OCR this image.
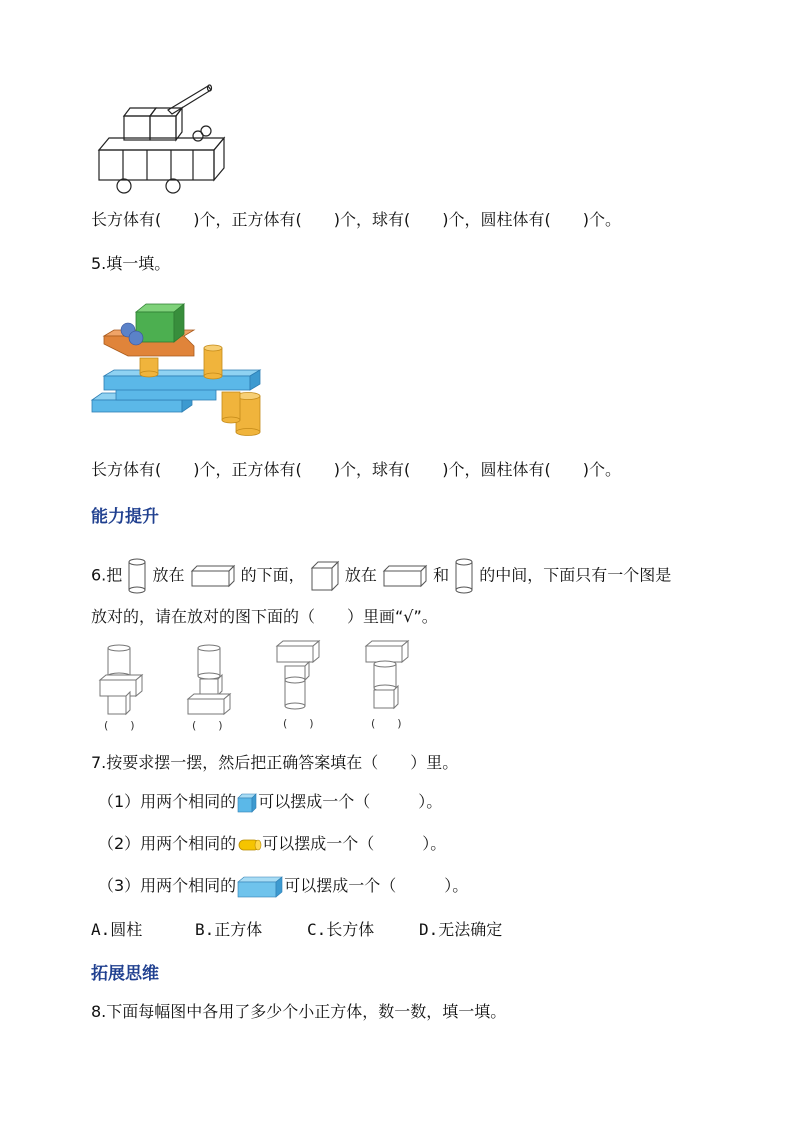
长方体有(　　)个，正方体有(　　)个，球有(　　)个，圆柱体有(　　)个。
5.填一填。
长方体有(　　)个，正方体有(　　)个，球有(　　)个，圆柱体有(　　)个。
能力提升
6.把 放在	的下面，	放在	和 的中间，下面只有一个图是
放对的，请在放对的图下面的（　　）里画“√”。
(　　)	(　　)	(　　)	(　　)
7.按要求摆一摆，然后把正确答案填在（　　）里。
（1）用两个相同的 可以摆成一个（　　　）。
（2）用两个相同的 可以摆成一个（　　　）。
（3）用两个相同的	可以摆成一个（　　　）。
A.圆柱	B.正方体	C.长方体	D.无法确定
拓展思维
8.下面每幅图中各用了多少个小正方体，数一数，填一填。
